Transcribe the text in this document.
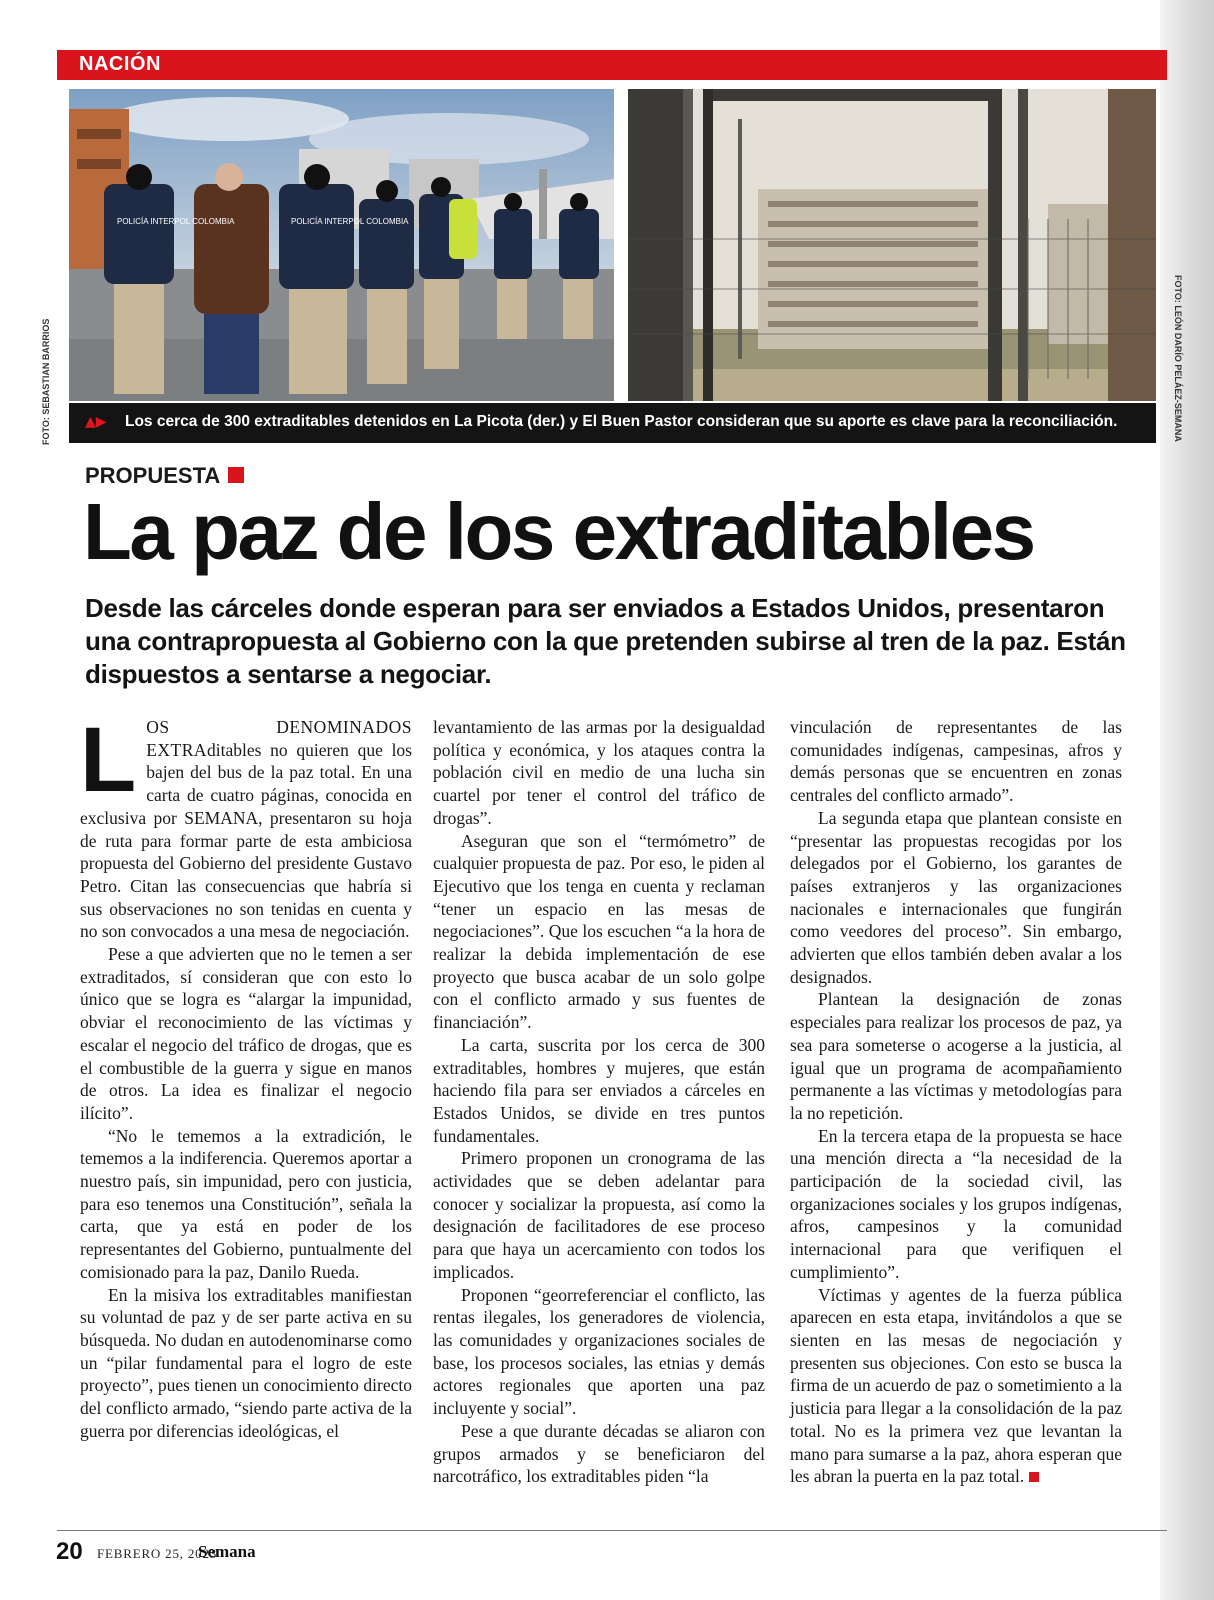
NACIÓN
FOTO: SEBASTIAN BARRIOS	FOTO: LEÓN DARÍO PELÁEZ-SEMANA
POLICÍA INTERPOL COLOMBIA	POLICÍA INTERPOL COLOMBIA
▲▶ Los cerca de 300 extraditables detenidos en La Picota (der.) y El Buen Pastor consideran que su aporte es clave para la reconciliación.
PROPUESTA
La paz de los extraditables
Desde las cárceles donde esperan para ser enviados a Estados Unidos, presentaron una contrapropuesta al Gobierno con la que pretenden subirse al tren de la paz. Están dispuestos a sentarse a negociar.

LOS DENOMINADOS EXTRAditables no quieren que los bajen del bus de la paz total. En una carta de cuatro páginas, conocida en exclusiva por SEMANA, presentaron su hoja de ruta para formar parte de esta ambiciosa propuesta del Gobierno del presidente Gustavo Petro. Citan las consecuencias que habría si sus observaciones no son tenidas en cuenta y no son convocados a una mesa de negociación.

Pese a que advierten que no le temen a ser extraditados, sí consideran que con esto lo único que se logra es “alargar la impunidad, obviar el reconocimiento de las víctimas y escalar el negocio del tráfico de drogas, que es el combustible de la guerra y sigue en manos de otros. La idea es finalizar el negocio ilícito”.

“No le tememos a la extradición, le tememos a la indiferencia. Queremos aportar a nuestro país, sin impunidad, pero con justicia, para eso tenemos una Constitución”, señala la carta, que ya está en poder de los representantes del Gobierno, puntualmente del comisionado para la paz, Danilo Rueda.

En la misiva los extraditables manifiestan su voluntad de paz y de ser parte activa en su búsqueda. No dudan en autodenominarse como un “pilar fundamental para el logro de este proyecto”, pues tienen un conocimiento directo del conflicto armado, “siendo parte activa de la guerra por diferencias ideológicas, el

levantamiento de las armas por la desigualdad política y económica, y los ataques contra la población civil en medio de una lucha sin cuartel por tener el control del tráfico de drogas”.

Aseguran que son el “termómetro” de cualquier propuesta de paz. Por eso, le piden al Ejecutivo que los tenga en cuenta y reclaman “tener un espacio en las mesas de negociaciones”. Que los escuchen “a la hora de realizar la debida implementación de ese proyecto que busca acabar de un solo golpe con el conflicto armado y sus fuentes de financiación”.

La carta, suscrita por los cerca de 300 extraditables, hombres y mujeres, que están haciendo fila para ser enviados a cárceles en Estados Unidos, se divide en tres puntos fundamentales.

Primero proponen un cronograma de las actividades que se deben adelantar para conocer y socializar la propuesta, así como la designación de facilitadores de ese proceso para que haya un acercamiento con todos los implicados.

Proponen “georreferenciar el conflicto, las rentas ilegales, los generadores de violencia, las comunidades y organizaciones sociales de base, los procesos sociales, las etnias y demás actores regionales que aporten una paz incluyente y social”.

Pese a que durante décadas se aliaron con grupos armados y se beneficiaron del narcotráfico, los extraditables piden “la

vinculación de representantes de las comunidades indígenas, campesinas, afros y demás personas que se encuentren en zonas centrales del conflicto armado”.

La segunda etapa que plantean consiste en “presentar las propuestas recogidas por los delegados por el Gobierno, los garantes de países extranjeros y las organizaciones nacionales e internacionales que fungirán como veedores del proceso”. Sin embargo, advierten que ellos también deben avalar a los designados.

Plantean la designación de zonas especiales para realizar los procesos de paz, ya sea para someterse o acogerse a la justicia, al igual que un programa de acompañamiento permanente a las víctimas y metodologías para la no repetición.

En la tercera etapa de la propuesta se hace una mención directa a “la necesidad de la participación de la sociedad civil, las organizaciones sociales y los grupos indígenas, afros, campesinos y la comunidad internacional para que verifiquen el cumplimiento”.

Víctimas y agentes de la fuerza pública aparecen en esta etapa, invitándolos a que se sienten en las mesas de negociación y presenten sus objeciones. Con esto se busca la firma de un acuerdo de paz o sometimiento a la justicia para llegar a la consolidación de la paz total. No es la primera vez que levantan la mano para sumarse a la paz, ahora esperan que les abran la puerta en la paz total.

20 FEBRERO 25, 2023
Semana
